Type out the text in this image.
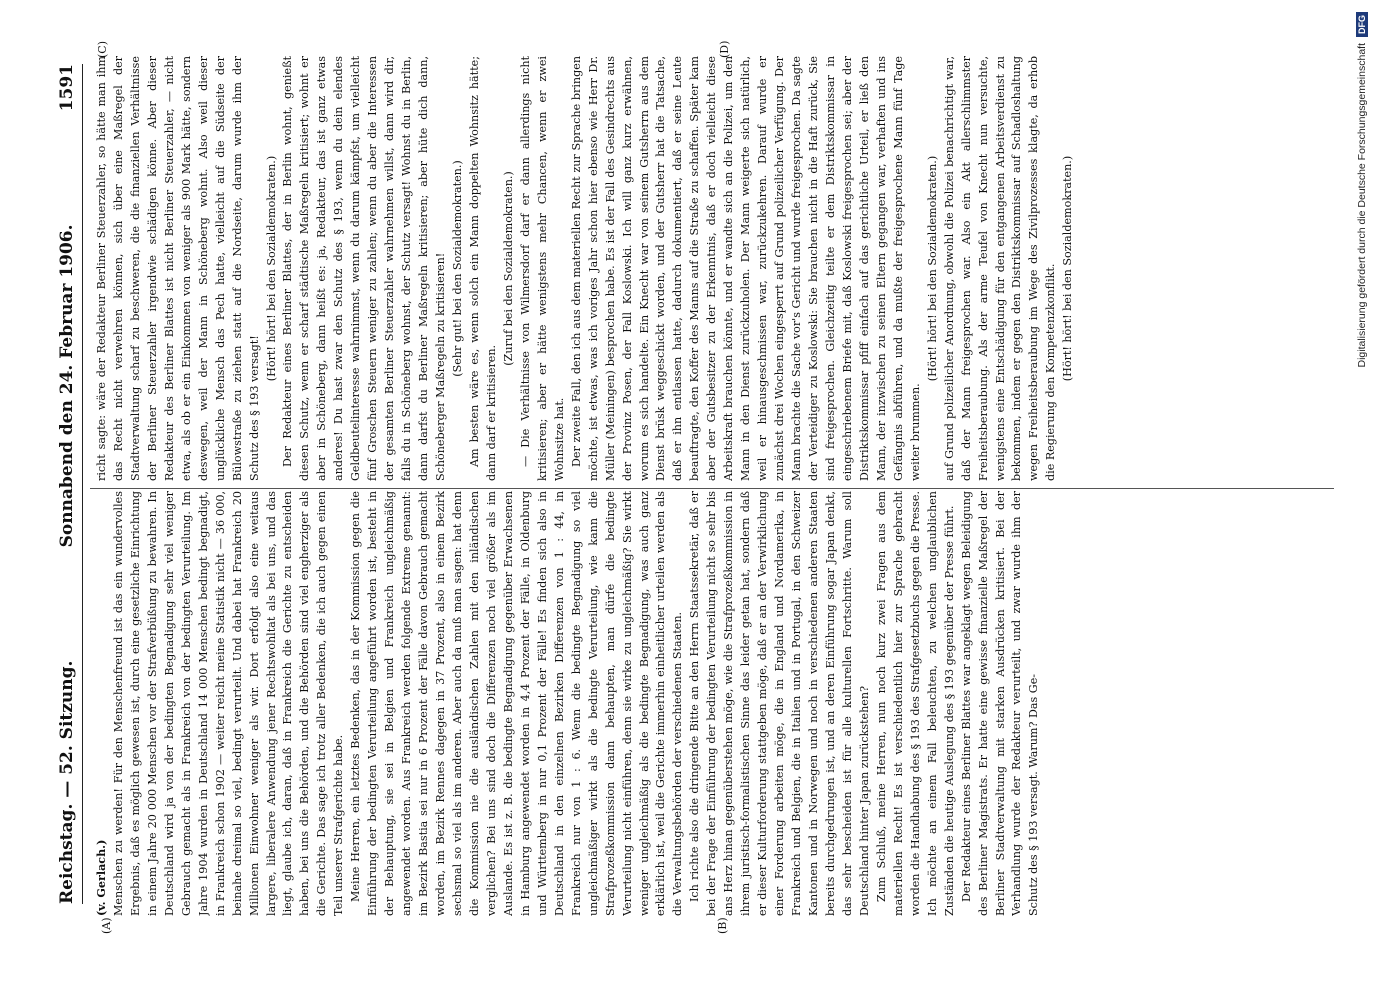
Reichstag. — 52. Sitzung.
Sonnabend den 24. Februar 1906.
1591
(A)	(B)
(C)	(D)

(v. Gerlach.) Menschen zu werden! Für den Menschenfreund ist das ein wundervolles Ergebnis, daß es möglich gewesen ist, durch eine gesetzliche Einrichtung in einem Jahre 20 000 Menschen vor der Strafverbüßung zu bewahren. In Deutschland wird ja von der bedingten Begnadigung sehr viel weniger Gebrauch gemacht als in Frankreich von der bedingten Verurteilung. Im Jahre 1904 wurden in Deutschland 14 000 Menschen bedingt begnadigt, in Frankreich schon 1902 — weiter reicht meine Statistik nicht — 36 000, beinahe dreimal so viel, bedingt verurteilt. Und dabei hat Frankreich 20 Millionen Einwohner weniger als wir. Dort erfolgt also eine weitaus largere, liberalere Anwendung jener Rechtswohltat als bei uns, und das liegt, glaube ich, daran, daß in Frankreich die Gerichte zu entscheiden haben, bei uns die Behörden, und die Behörden sind viel engherziger als die Gerichte. Das sage ich trotz aller Bedenken, die ich auch gegen einen Teil unserer Strafgerichte habe. Meine Herren, ein letztes Bedenken, das in der Kommission gegen die Einführung der bedingten Verurteilung angeführt worden ist, besteht in der Behauptung, sie sei in Belgien und Frankreich ungleichmäßig angewendet worden. Aus Frankreich werden folgende Extreme genannt: im Bezirk Bastia sei nur in 6 Prozent der Fälle davon Gebrauch gemacht worden, im Bezirk Rennes dagegen in 37 Prozent, also in einem Bezirk sechsmal so viel als im anderen. Aber auch da muß man sagen: hat denn die Kommission nie die ausländischen Zahlen mit den inländischen verglichen? Bei uns sind doch die Differenzen noch viel größer als im Auslande. Es ist z. B. die bedingte Begnadigung gegenüber Erwachsenen in Hamburg angewendet worden in 4,4 Prozent der Fälle, in Oldenburg und Württemberg in nur 0,1 Prozent der Fälle! Es finden sich also in Deutschland in den einzelnen Bezirken Differenzen von 1 : 44, in Frankreich nur von 1 : 6. Wenn die bedingte Begnadigung so viel ungleichmäßiger wirkt als die bedingte Verurteilung, wie kann die Strafprozeßkommission dann behaupten, man dürfe die bedingte Verurteilung nicht einführen, denn sie wirke zu ungleichmäßig? Sie wirkt weniger ungleichmäßig als die bedingte Begnadigung, was auch ganz erklärlich ist, weil die Gerichte immerhin einheitlicher urteilen werden als die Verwaltungsbehörden der verschiedenen Staaten. Ich richte also die dringende Bitte an den Herrn Staatssekretär, daß er bei der Frage der Einführung der bedingten Verurteilung nicht so sehr bis ans Herz hinan gegenüberstehen möge, wie die Strafprozeßkommission in ihrem juristisch-formalistischen Sinne das leider getan hat, sondern daß er dieser Kulturforderung stattgeben möge, daß er an der Verwirklichung einer Forderung arbeiten möge, die in England und Nordamerika, in Frankreich und Belgien, die in Italien und in Portugal, in den Schweizer Kantonen und in Norwegen und noch in verschiedenen anderen Staaten bereits durchgedrungen ist, und an deren Einführung sogar Japan denkt, das sehr bescheiden ist für alle kulturellen Fortschritte. Warum soll Deutschland hinter Japan zurückstehen? Zum Schluß, meine Herren, nun noch kurz zwei Fragen aus dem materiellen Recht! Es ist verschiedentlich hier zur Sprache gebracht worden die Handhabung des § 193 des Strafgesetzbuchs gegen die Presse. Ich möchte an einem Fall beleuchten, zu welchen unglaublichen Zuständen die heutige Auslegung des § 193 gegenüber der Presse führt. Der Redakteur eines Berliner Blattes war angeklagt wegen Beleidigung des Berliner Magistrats. Er hatte eine gewisse finanzielle Maßregel der Berliner Stadtverwaltung mit starken Ausdrücken kritisiert. Bei der Verhandlung wurde der Redakteur verurteilt, und zwar wurde ihm der Schutz des § 193 versagt. Warum? Das Ge-

richt sagte: wäre der Redakteur Berliner Steuerzahler, so hätte man ihm das Recht nicht verwehren können, sich über eine Maßregel der Stadtverwaltung scharf zu beschweren, die die finanziellen Verhältnisse der Berliner Steuerzahler irgendwie schädigen könne. Aber dieser Redakteur des Berliner Blattes ist nicht Berliner Steuerzahler, — nicht etwa, als ob er ein Einkommen von weniger als 900 Mark hätte, sondern deswegen, weil der Mann in Schöneberg wohnt. Also weil dieser unglückliche Mensch das Pech hatte, vielleicht auf die Südseite der Bülowstraße zu ziehen statt auf die Nordseite, darum wurde ihm der Schutz des § 193 versagt!

(Hört! hört! bei den Sozialdemokraten.) Der Redakteur eines Berliner Blattes, der in Berlin wohnt, genießt diesen Schutz, wenn er scharf städtische Maßregeln kritisiert; wohnt er aber in Schöneberg, dann heißt es: ja, Redakteur, das ist ganz etwas anderes! Du hast zwar den Schutz des § 193, wenn du dein elendes Geldbeutelinteresse wahrnimmst, wenn du darum kämpfst, um vielleicht fünf Groschen Steuern weniger zu zahlen; wenn du aber die Interessen der gesamten Berliner Steuerzahler wahrnehmen willst, dann wird dir, falls du in Schöneberg wohnst, der Schutz versagt! Wohnst du in Berlin, dann darfst du Berliner Maßregeln kritisieren; aber hüte dich dann, Schöneberger Maßregeln zu kritisieren! (Sehr gut! bei den Sozialdemokraten.) Am besten wäre es, wenn solch ein Mann doppelten Wohnsitz hätte; dann darf er kritisieren.

(Zuruf bei den Sozialdemokraten.) — Die Verhältnisse von Wilmersdorf darf er dann allerdings nicht kritisieren; aber er hätte wenigstens mehr Chancen, wenn er zwei Wohnsitze hat. Der zweite Fall, den ich aus dem materiellen Recht zur Sprache bringen möchte, ist etwas, was ich voriges Jahr schon hier ebenso wie Herr Dr. Müller (Meiningen) besprochen habe. Es ist der Fall des Gesindrechts aus der Provinz Posen, der Fall Koslowski. Ich will ganz kurz erwähnen, worum es sich handelte. Ein Knecht war von seinem Gutsherrn aus dem Dienst brüsk weggeschickt worden, und der Gutsherr hat die Tatsache, daß er ihn entlassen hatte, dadurch dokumentiert, daß er seine Leute beauftragte, den Koffer des Manns auf die Straße zu schaffen. Später kam aber der Gutsbesitzer zu der Erkenntnis, daß er doch vielleicht diese Arbeitskraft brauchen könnte, und er wandte sich an die Polizei, um den Mann in den Dienst zurückzuholen. Der Mann weigerte sich natürlich, weil er hinausgeschmissen war, zurückzukehren. Darauf wurde er zunächst drei Wochen eingesperrt auf Grund polizeilicher Verfügung. Der Mann brachte die Sache vor's Gericht und wurde freigesprochen. Da sagte der Verteidiger zu Koslowski: Sie brauchen nicht in die Haft zurück, Sie sind freigesprochen. Gleichzeitig teilte er dem Distriktskommissar in eingeschriebenem Briefe mit, daß Koslowski freigesprochen sei; aber der Distriktskommissar pfiff einfach auf das gerichtliche Urteil, er ließ den Mann, der inzwischen zu seinen Eltern gegangen war, verhaften und ins Gefängnis abführen, und da mußte der freigesprochene Mann fünf Tage weiter brummen.

(Hört! hört! bei den Sozialdemokraten.) auf Grund polizeilicher Anordnung, obwohl die Polizei benachrichtigt war, daß der Mann freigesprochen war. Also ein Akt allerschlimmster Freiheitsberaubung. Als der arme Teufel von Knecht nun versuchte, wenigstens eine Entschädigung für den entgangenen Arbeitsverdienst zu bekommen, indem er gegen den Distriktskommissar auf Schadloshaltung wegen Freiheitsberaubung im Wege des Zivilprozesses klagte, da erhob die Regierung den Kompetenzkonflikt. (Hört! hört! bei den Sozialdemokraten.)	Digitalisierung gefördert durch die Deutsche Forschungsgemeinschaft
DFG
